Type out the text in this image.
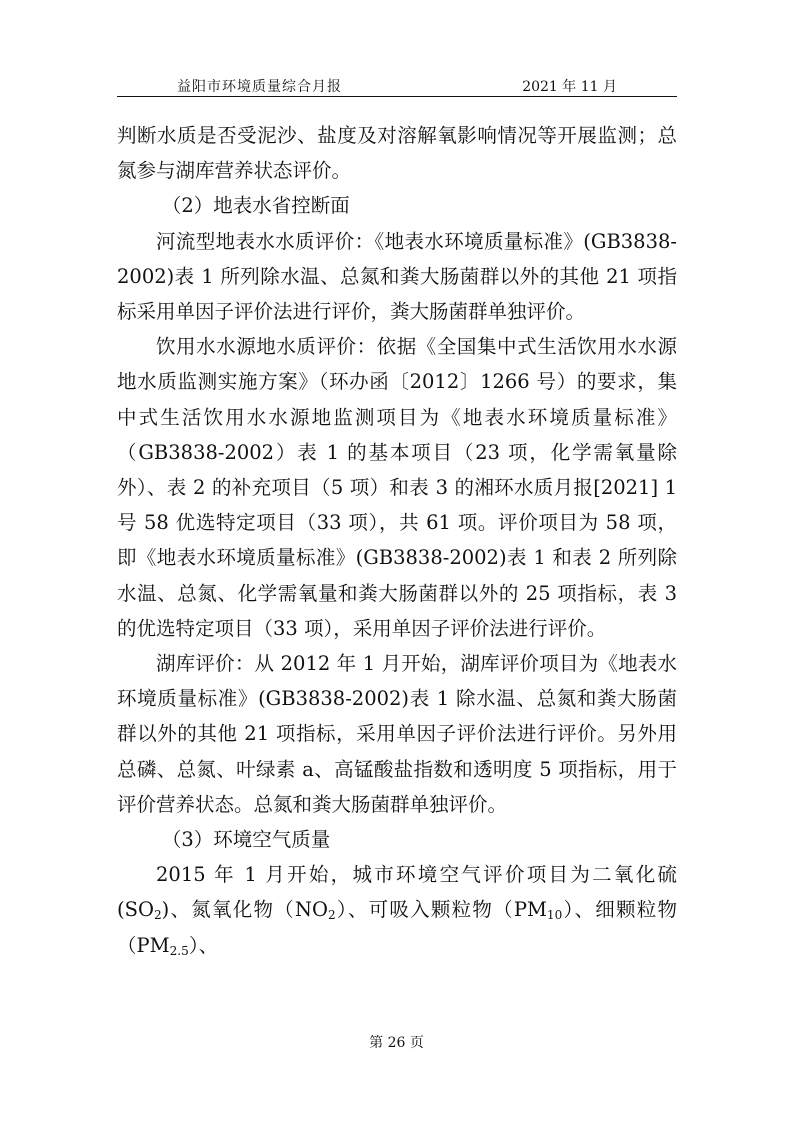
益阳市环境质量综合月报	2021 年 11 月

判断水质是否受泥沙、盐度及对溶解氧影响情况等开展监测；总氮参与湖库营养状态评价。

（2）地表水省控断面

河流型地表水水质评价：《地表水环境质量标准》(GB3838-2002)表 1 所列除水温、总氮和粪大肠菌群以外的其他 21 项指标采用单因子评价法进行评价，粪大肠菌群单独评价。

饮用水水源地水质评价：依据《全国集中式生活饮用水水源地水质监测实施方案》（环办函〔2012〕1266 号）的要求，集中式生活饮用水水源地监测项目为《地表水环境质量标准》（GB3838-2002）表 1 的基本项目（23 项，化学需氧量除外）、表 2 的补充项目（5 项）和表 3 的湘环水质月报[2021] 1 号 58 优选特定项目（33 项），共 61 项。评价项目为 58 项，即《地表水环境质量标准》(GB3838-2002)表 1 和表 2 所列除水温、总氮、化学需氧量和粪大肠菌群以外的 25 项指标，表 3 的优选特定项目（33 项），采用单因子评价法进行评价。

湖库评价：从 2012 年 1 月开始，湖库评价项目为《地表水环境质量标准》(GB3838-2002)表 1 除水温、总氮和粪大肠菌群以外的其他 21 项指标，采用单因子评价法进行评价。另外用总磷、总氮、叶绿素 a、高锰酸盐指数和透明度 5 项指标，用于评价营养状态。总氮和粪大肠菌群单独评价。

（3）环境空气质量

2015 年 1 月开始，城市环境空气评价项目为二氧化硫$(SO_2)$、氮氧化物$(NO_2)$、可吸入颗粒物$(PM_{10})$、细颗粒物$(PM_{2.5})$、

第 26 页
